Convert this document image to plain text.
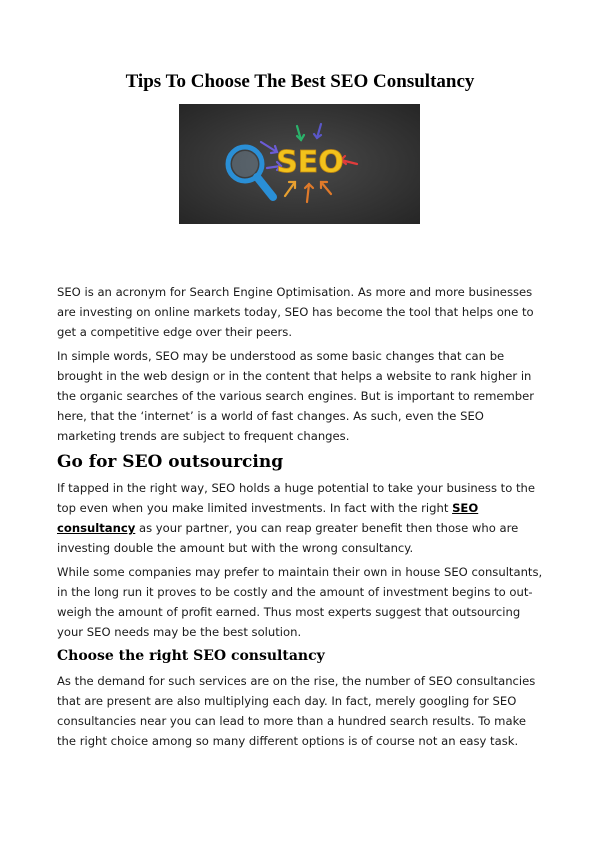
Tips To Choose The Best SEO Consultancy
SEO

SEO is an acronym for Search Engine Optimisation. As more and more businesses are investing on online markets today, SEO has become the tool that helps one to get a competitive edge over their peers.

In simple words, SEO may be understood as some basic changes that can be brought in the web design or in the content that helps a website to rank higher in the organic searches of the various search engines. But is important to remember here, that the ‘internet’ is a world of fast changes. As such, even the SEO marketing trends are subject to frequent changes.

Go for SEO outsourcing

If tapped in the right way, SEO holds a huge potential to take your business to the top even when you make limited investments. In fact with the right SEO consultancy as your partner, you can reap greater benefit then those who are investing double the amount but with the wrong consultancy.

While some companies may prefer to maintain their own in house SEO consultants, in the long run it proves to be costly and the amount of investment begins to out-weigh the amount of profit earned. Thus most experts suggest that outsourcing your SEO needs may be the best solution.

Choose the right SEO consultancy

As the demand for such services are on the rise, the number of SEO consultancies that are present are also multiplying each day. In fact, merely googling for SEO consultancies near you can lead to more than a hundred search results. To make the right choice among so many different options is of course not an easy task.
